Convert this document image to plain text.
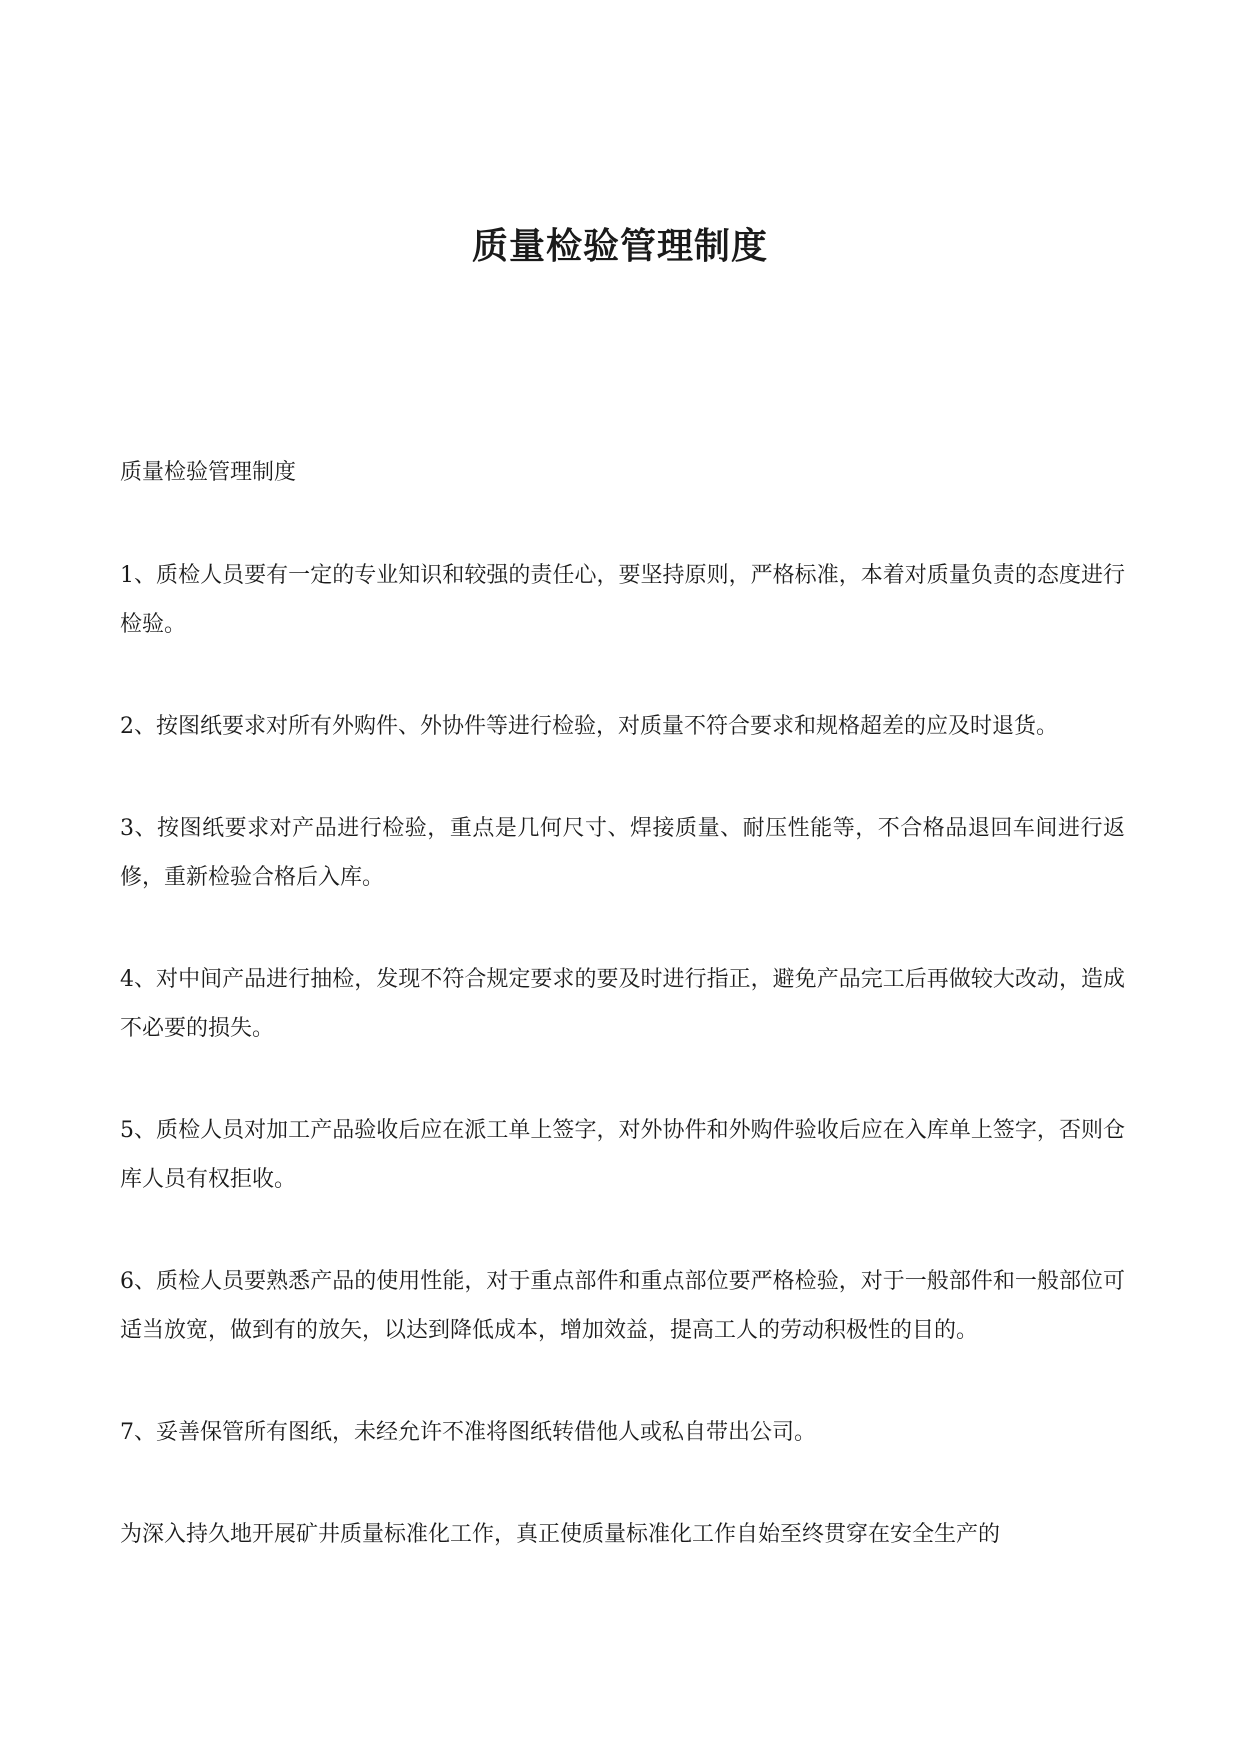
质量检验管理制度

质量检验管理制度

1、质检人员要有一定的专业知识和较强的责任心，要坚持原则，严格标准，本着对质量负责的态度进行检验。

2、按图纸要求对所有外购件、外协件等进行检验，对质量不符合要求和规格超差的应及时退货。

3、按图纸要求对产品进行检验，重点是几何尺寸、焊接质量、耐压性能等，不合格品退回车间进行返修，重新检验合格后入库。

4、对中间产品进行抽检，发现不符合规定要求的要及时进行指正，避免产品完工后再做较大改动，造成不必要的损失。

5、质检人员对加工产品验收后应在派工单上签字，对外协件和外购件验收后应在入库单上签字，否则仓库人员有权拒收。

6、质检人员要熟悉产品的使用性能，对于重点部件和重点部位要严格检验，对于一般部件和一般部位可适当放宽，做到有的放矢，以达到降低成本，增加效益，提高工人的劳动积极性的目的。

7、妥善保管所有图纸，未经允许不准将图纸转借他人或私自带出公司。

为深入持久地开展矿井质量标准化工作，真正使质量标准化工作自始至终贯穿在安全生产的
